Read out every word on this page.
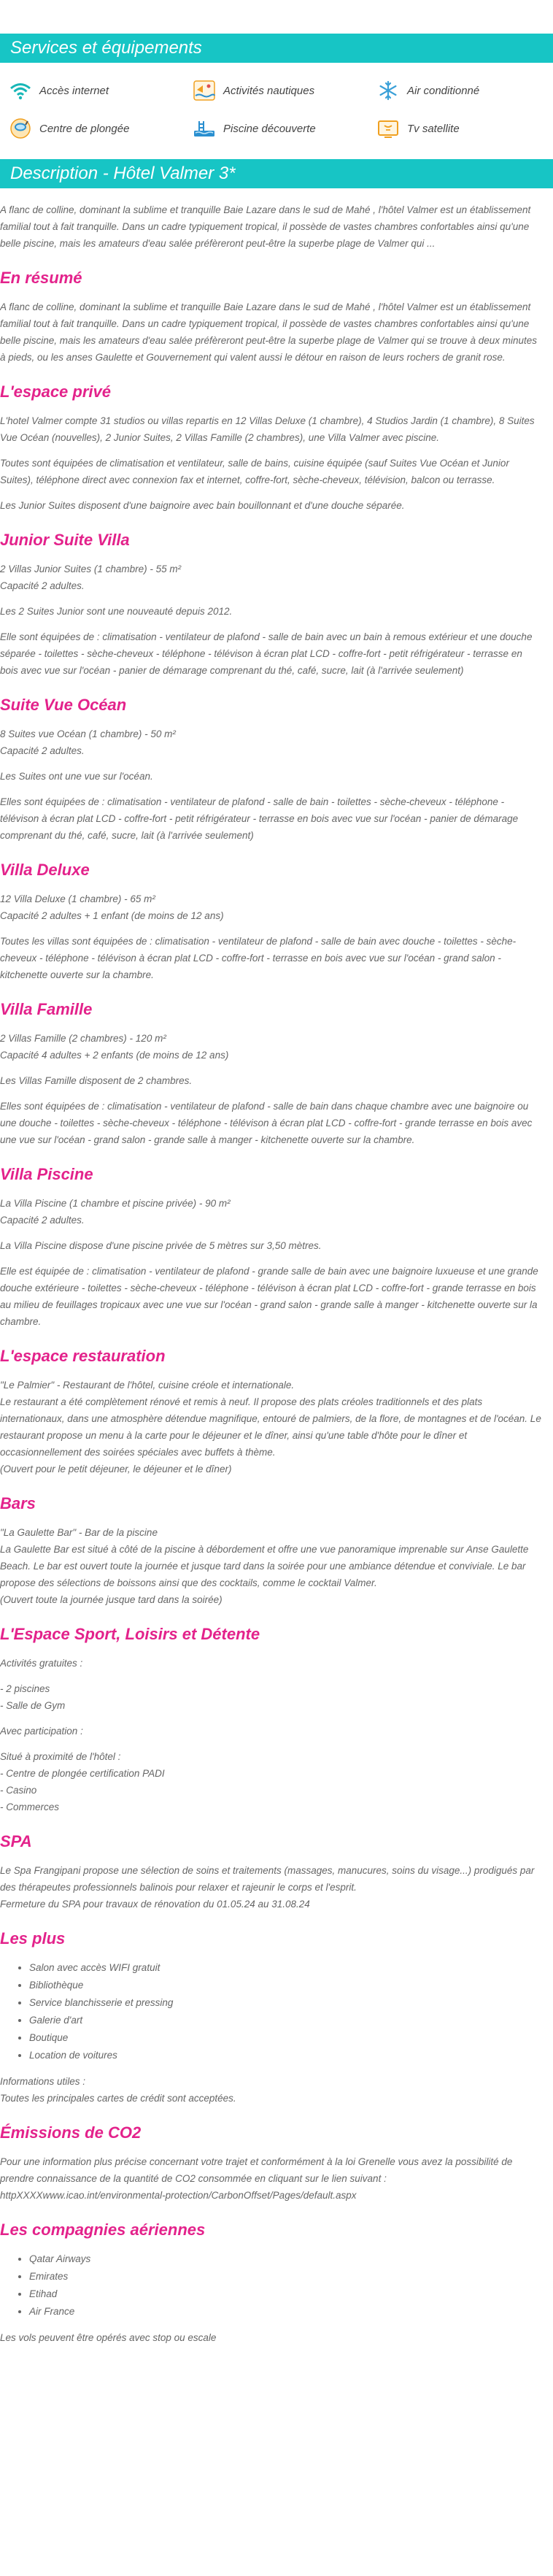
Services et équipements
Accès internet	Activités nautiques	Air conditionné
Centre de plongée	Piscine découverte	Tv satellite
Description - Hôtel Valmer 3*

A flanc de colline, dominant la sublime et tranquille Baie Lazare dans le sud de Mahé , l'hôtel Valmer est un établissement familial tout à fait tranquille. Dans un cadre typiquement tropical, il possède de vastes chambres confortables ainsi qu'une belle piscine, mais les amateurs d'eau salée préfèreront peut-être la superbe plage de Valmer qui ...

En résumé

A flanc de colline, dominant la sublime et tranquille Baie Lazare dans le sud de Mahé , l'hôtel Valmer est un établissement familial tout à fait tranquille. Dans un cadre typiquement tropical, il possède de vastes chambres confortables ainsi qu'une belle piscine, mais les amateurs d'eau salée préfèreront peut-être la superbe plage de Valmer qui se trouve à deux minutes à pieds, ou les anses Gaulette et Gouvernement qui valent aussi le détour en raison de leurs rochers de granit rose.

L'espace privé

L'hotel Valmer compte 31 studios ou villas repartis en 12 Villas Deluxe (1 chambre), 4 Studios Jardin (1 chambre), 8 Suites Vue Océan (nouvelles), 2 Junior Suites, 2 Villas Famille (2 chambres), une Villa Valmer avec piscine.

Toutes sont équipées de climatisation et ventilateur, salle de bains, cuisine équipée (sauf Suites Vue Océan et Junior Suites), téléphone direct avec connexion fax et internet, coffre-fort, sèche-cheveux, télévision, balcon ou terrasse.

Les Junior Suites disposent d'une baignoire avec bain bouillonnant et d'une douche séparée.

Junior Suite Villa

2 Villas Junior Suites (1 chambre) - 55 m²
Capacité 2 adultes.

Les 2 Suites Junior sont une nouveauté depuis 2012.

Elle sont équipées de : climatisation - ventilateur de plafond - salle de bain avec un bain à remous extérieur et une douche séparée - toilettes - sèche-cheveux - téléphone - télévison à écran plat LCD - coffre-fort - petit réfrigérateur - terrasse en bois avec vue sur l'océan - panier de démarage comprenant du thé, café, sucre, lait (à l'arrivée seulement)

Suite Vue Océan

8 Suites vue Océan (1 chambre) - 50 m²
Capacité 2 adultes.

Les Suites ont une vue sur l'océan.

Elles sont équipées de : climatisation - ventilateur de plafond - salle de bain - toilettes - sèche-cheveux - téléphone - télévison à écran plat LCD - coffre-fort - petit réfrigérateur - terrasse en bois avec vue sur l'océan - panier de démarage comprenant du thé, café, sucre, lait (à l'arrivée seulement)

Villa Deluxe

12 Villa Deluxe (1 chambre) - 65 m²
Capacité 2 adultes + 1 enfant (de moins de 12 ans)

Toutes les villas sont équipées de : climatisation - ventilateur de plafond - salle de bain avec douche - toilettes - sèche-cheveux - téléphone - télévison à écran plat LCD - coffre-fort - terrasse en bois avec vue sur l'océan - grand salon - kitchenette ouverte sur la chambre.

Villa Famille

2 Villas Famille (2 chambres) - 120 m²
Capacité 4 adultes + 2 enfants (de moins de 12 ans)

Les Villas Famille disposent de 2 chambres.

Elles sont équipées de : climatisation - ventilateur de plafond - salle de bain dans chaque chambre avec une baignoire ou une douche - toilettes - sèche-cheveux - téléphone - télévison à écran plat LCD - coffre-fort - grande terrasse en bois avec une vue sur l'océan - grand salon - grande salle à manger - kitchenette ouverte sur la chambre.

Villa Piscine

La Villa Piscine (1 chambre et piscine privée) - 90 m²
Capacité 2 adultes.

La Villa Piscine dispose d'une piscine privée de 5 mètres sur 3,50 mètres.

Elle est équipée de : climatisation - ventilateur de plafond - grande salle de bain avec une baignoire luxueuse et une grande douche extérieure - toilettes - sèche-cheveux - téléphone - télévison à écran plat LCD - coffre-fort - grande terrasse en bois au milieu de feuillages tropicaux avec une vue sur l'océan - grand salon - grande salle à manger - kitchenette ouverte sur la chambre.

L'espace restauration

"Le Palmier" - Restaurant de l'hôtel, cuisine créole et internationale.
Le restaurant a été complètement rénové et remis à neuf. Il propose des plats créoles traditionnels et des plats internationaux, dans une atmosphère détendue magnifique, entouré de palmiers, de la flore, de montagnes et de l'océan. Le restaurant propose un menu à la carte pour le déjeuner et le dîner, ainsi qu'une table d'hôte pour le dîner et occasionnellement des soirées spéciales avec buffets à thème.
(Ouvert pour le petit déjeuner, le déjeuner et le dîner)

Bars

"La Gaulette Bar" - Bar de la piscine
La Gaulette Bar est situé à côté de la piscine à débordement et offre une vue panoramique imprenable sur Anse Gaulette Beach. Le bar est ouvert toute la journée et jusque tard dans la soirée pour une ambiance détendue et conviviale. Le bar propose des sélections de boissons ainsi que des cocktails, comme le cocktail Valmer.
(Ouvert toute la journée jusque tard dans la soirée)

L'Espace Sport, Loisirs et Détente

Activités gratuites :

- 2 piscines
- Salle de Gym

Avec participation :

Situé à proximité de l'hôtel :
- Centre de plongée certification PADI
- Casino
- Commerces

SPA

Le Spa Frangipani propose une sélection de soins et traitements (massages, manucures, soins du visage...) prodigués par des thérapeutes professionnels balinois pour relaxer et rajeunir le corps et l'esprit.
Fermeture du SPA pour travaux de rénovation du 01.05.24 au 31.08.24

Les plus
• Salon avec accès WIFI gratuit
• Bibliothèque
• Service blanchisserie et pressing
• Galerie d'art
• Boutique
• Location de voitures

Informations utiles :
Toutes les principales cartes de crédit sont acceptées.

Émissions de CO2

Pour une information plus précise concernant votre trajet et conformément à la loi Grenelle vous avez la possibilité de prendre connaissance de la quantité de CO2 consommée en cliquant sur le lien suivant : httpXXXXwww.icao.int/environmental-protection/CarbonOffset/Pages/default.aspx

Les compagnies aériennes
• Qatar Airways
• Emirates
• Etihad
• Air France

Les vols peuvent être opérés avec stop ou escale
